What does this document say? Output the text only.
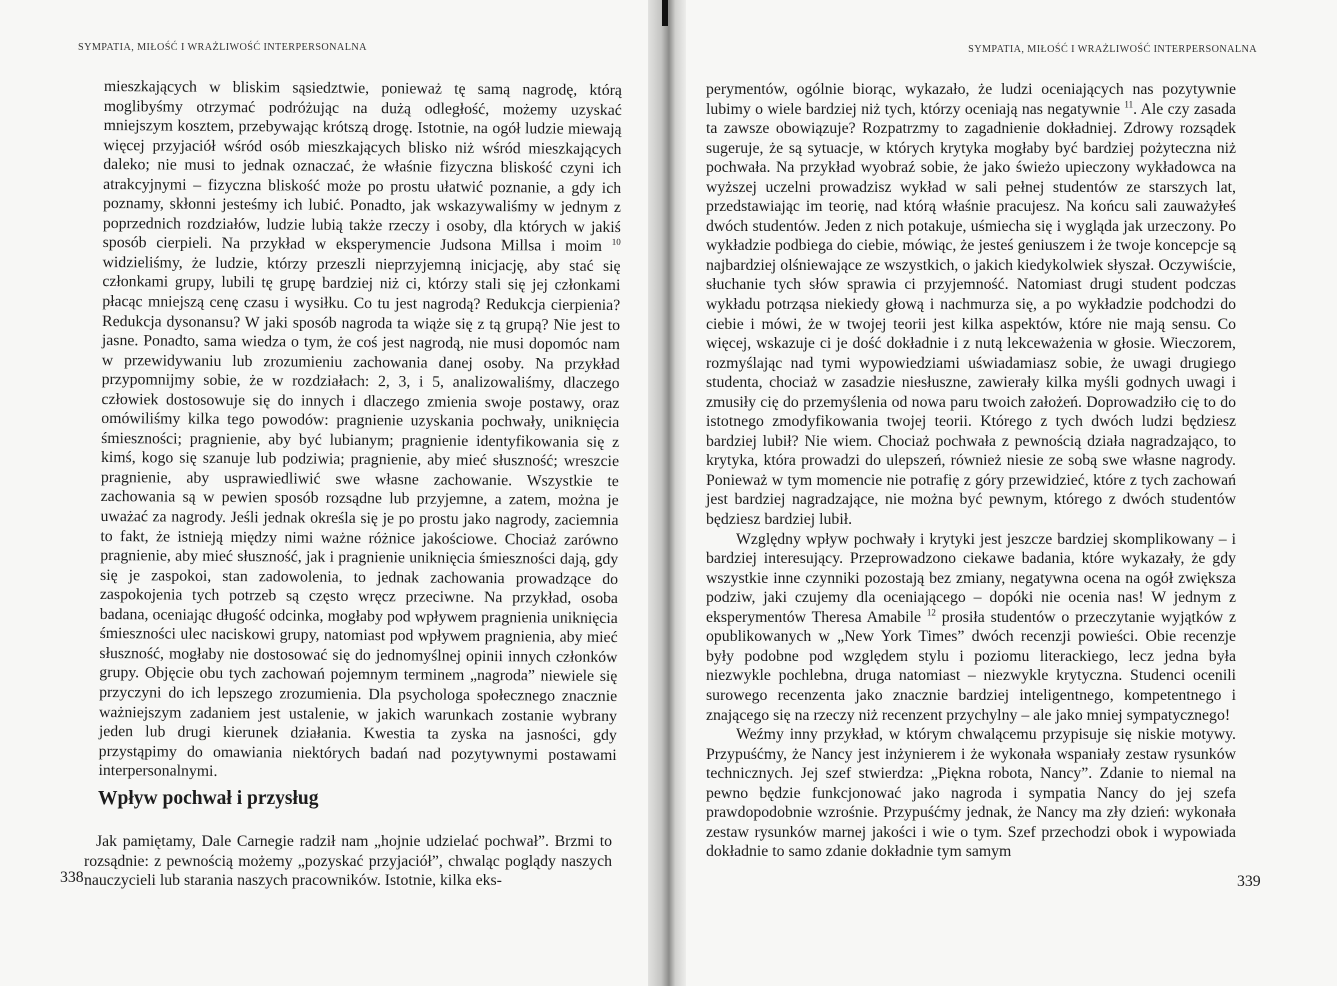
SYMPATIA, MIŁOŚĆ I WRAŻLIWOŚĆ INTERPERSONALNA

mieszkających w bliskim sąsiedztwie, ponieważ tę samą nagrodę, którą moglibyśmy otrzymać podróżując na dużą odległość, możemy uzyskać mniejszym kosztem, przebywając krótszą drogę. Istotnie, na ogół ludzie miewają więcej przyjaciół wśród osób mieszkających blisko niż wśród mieszkających daleko; nie musi to jednak oznaczać, że właśnie fizyczna bliskość czyni ich atrakcyjnymi – fizyczna bliskość może po prostu ułatwić poznanie, a gdy ich poznamy, skłonni jesteśmy ich lubić. Ponadto, jak wskazywaliśmy w jednym z poprzednich rozdziałów, ludzie lubią także rzeczy i osoby, dla których w jakiś sposób cierpieli. Na przykład w eksperymencie Judsona Millsa i moim $^{10}$ widzieliśmy, że ludzie, którzy przeszli nieprzyjemną inicjację, aby stać się członkami grupy, lubili tę grupę bardziej niż ci, którzy stali się jej członkami płacąc mniejszą cenę czasu i wysiłku. Co tu jest nagrodą? Redukcja cierpienia? Redukcja dysonansu? W jaki sposób nagroda ta wiąże się z tą grupą? Nie jest to jasne. Ponadto, sama wiedza o tym, że coś jest nagrodą, nie musi dopomóc nam w przewidywaniu lub zrozumieniu zachowania danej osoby. Na przykład przypomnijmy sobie, że w rozdziałach: 2, 3, i 5, analizowaliśmy, dlaczego człowiek dostosowuje się do innych i dlaczego zmienia swoje postawy, oraz omówiliśmy kilka tego powodów: pragnienie uzyskania pochwały, uniknięcia śmieszności; pragnienie, aby być lubianym; pragnienie identyfikowania się z kimś, kogo się szanuje lub podziwia; pragnienie, aby mieć słuszność; wreszcie pragnienie, aby usprawiedliwić swe własne zachowanie. Wszystkie te zachowania są w pewien sposób rozsądne lub przyjemne, a zatem, można je uważać za nagrody. Jeśli jednak określa się je po prostu jako nagrody, zaciemnia to fakt, że istnieją między nimi ważne różnice jakościowe. Chociaż zarówno pragnienie, aby mieć słuszność, jak i pragnienie uniknięcia śmieszności dają, gdy się je zaspokoi, stan zadowolenia, to jednak zachowania prowadzące do zaspokojenia tych potrzeb są często wręcz przeciwne. Na przykład, osoba badana, oceniając długość odcinka, mogłaby pod wpływem pragnienia uniknięcia śmieszności ulec naciskowi grupy, natomiast pod wpływem pragnienia, aby mieć słuszność, mogłaby nie dostosować się do jednomyślnej opinii innych członków grupy. Objęcie obu tych zachowań pojemnym terminem „nagroda” niewiele się przyczyni do ich lepszego zrozumienia. Dla psychologa społecznego znacznie ważniejszym zadaniem jest ustalenie, w jakich warunkach zostanie wybrany jeden lub drugi kierunek działania. Kwestia ta zyska na jasności, gdy przystąpimy do omawiania niektórych badań nad pozytywnymi postawami interpersonalnymi.

Wpływ pochwał i przysług

Jak pamiętamy, Dale Carnegie radził nam „hojnie udzielać pochwał”. Brzmi to rozsądnie: z pewnością możemy „pozyskać przyjaciół”, chwaląc poglądy naszych nauczycieli lub starania naszych pracowników. Istotnie, kilka eks-

338

SYMPATIA, MIŁOŚĆ I WRAŻLIWOŚĆ INTERPERSONALNA

perymentów, ogólnie biorąc, wykazało, że ludzi oceniających nas pozytywnie lubimy o wiele bardziej niż tych, którzy oceniają nas negatywnie $^{11}$. Ale czy zasada ta zawsze obowiązuje? Rozpatrzmy to zagadnienie dokładniej. Zdrowy rozsądek sugeruje, że są sytuacje, w których krytyka mogłaby być bardziej pożyteczna niż pochwała. Na przykład wyobraź sobie, że jako świeżo upieczony wykładowca na wyższej uczelni prowadzisz wykład w sali pełnej studentów ze starszych lat, przedstawiając im teorię, nad którą właśnie pracujesz. Na końcu sali zauważyłeś dwóch studentów. Jeden z nich potakuje, uśmiecha się i wygląda jak urzeczony. Po wykładzie podbiega do ciebie, mówiąc, że jesteś geniuszem i że twoje koncepcje są najbardziej olśniewające ze wszystkich, o jakich kiedykolwiek słyszał. Oczywiście, słuchanie tych słów sprawia ci przyjemność. Natomiast drugi student podczas wykładu potrząsa niekiedy głową i nachmurza się, a po wykładzie podchodzi do ciebie i mówi, że w twojej teorii jest kilka aspektów, które nie mają sensu. Co więcej, wskazuje ci je dość dokładnie i z nutą lekceważenia w głosie. Wieczorem, rozmyślając nad tymi wypowiedziami uświadamiasz sobie, że uwagi drugiego studenta, chociaż w zasadzie niesłuszne, zawierały kilka myśli godnych uwagi i zmusiły cię do przemyślenia od nowa paru twoich założeń. Doprowadziło cię to do istotnego zmodyfikowania twojej teorii. Którego z tych dwóch ludzi będziesz bardziej lubił? Nie wiem. Chociaż pochwała z pewnością działa nagradzająco, to krytyka, która prowadzi do ulepszeń, również niesie ze sobą swe własne nagrody. Ponieważ w tym momencie nie potrafię z góry przewidzieć, które z tych zachowań jest bardziej nagradzające, nie można być pewnym, którego z dwóch studentów będziesz bardziej lubił.

Względny wpływ pochwały i krytyki jest jeszcze bardziej skomplikowany – i bardziej interesujący. Przeprowadzono ciekawe badania, które wykazały, że gdy wszystkie inne czynniki pozostają bez zmiany, negatywna ocena na ogół zwiększa podziw, jaki czujemy dla oceniającego – dopóki nie ocenia nas! W jednym z eksperymentów Theresa Amabile $^{12}$ prosiła studentów o przeczytanie wyjątków z opublikowanych w „New York Times” dwóch recenzji powieści. Obie recenzje były podobne pod względem stylu i poziomu literackiego, lecz jedna była niezwykle pochlebna, druga natomiast – niezwykle krytyczna. Studenci ocenili surowego recenzenta jako znacznie bardziej inteligentnego, kompetentnego i znającego się na rzeczy niż recenzent przychylny – ale jako mniej sympatycznego!

Weźmy inny przykład, w którym chwalącemu przypisuje się niskie motywy. Przypuśćmy, że Nancy jest inżynierem i że wykonała wspaniały zestaw rysunków technicznych. Jej szef stwierdza: „Piękna robota, Nancy”. Zdanie to niemal na pewno będzie funkcjonować jako nagroda i sympatia Nancy do jej szefa prawdopodobnie wzrośnie. Przypuśćmy jednak, że Nancy ma zły dzień: wykonała zestaw rysunków marnej jakości i wie o tym. Szef przechodzi obok i wypowiada dokładnie to samo zdanie dokładnie tym samym

339
